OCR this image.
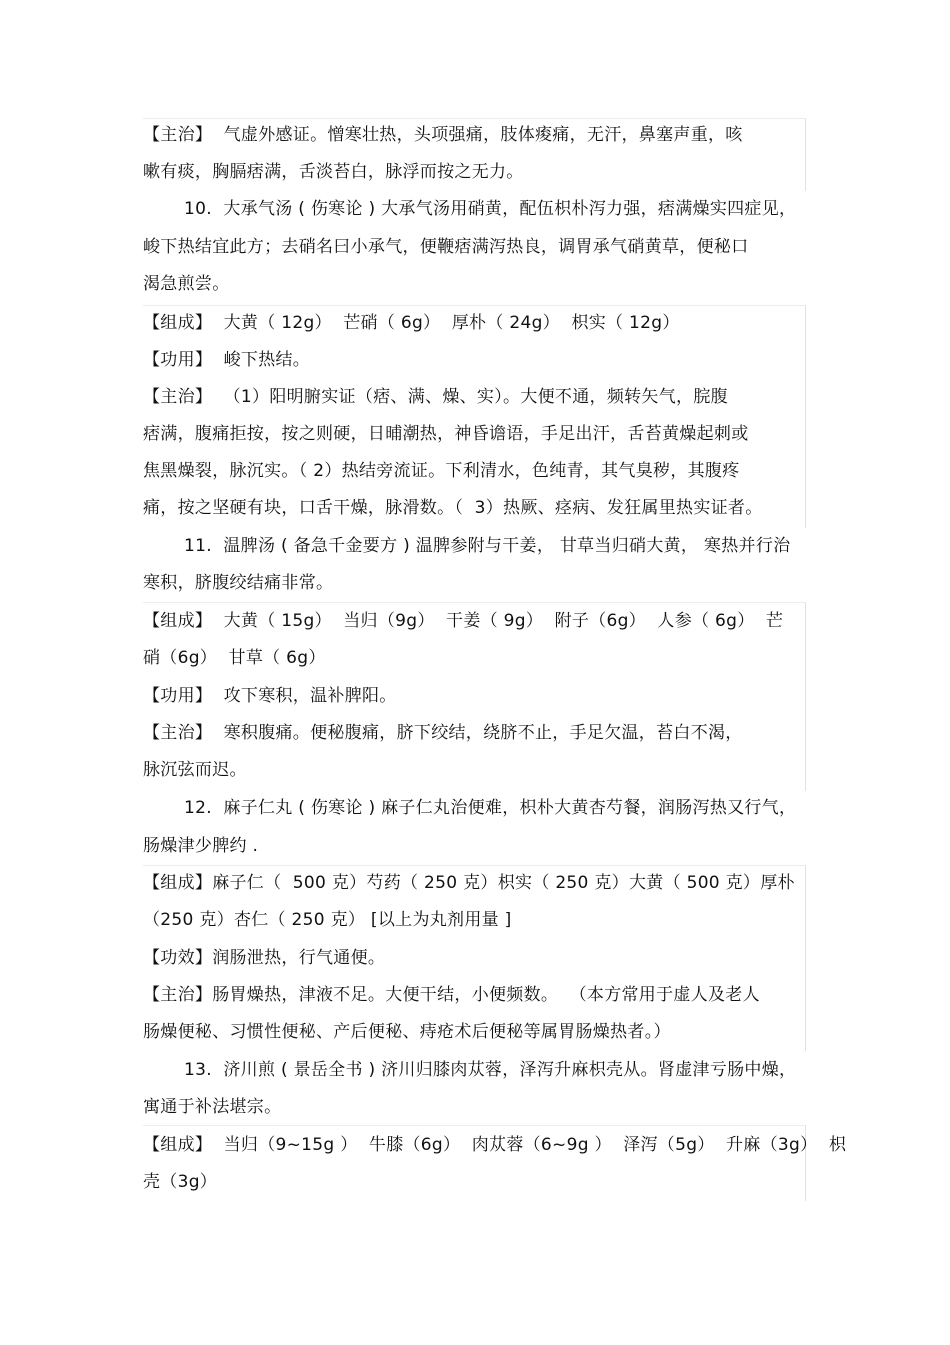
【主治】  气虚外感证。憎寒壮热，头项强痛，肢体痠痛，无汗，鼻塞声重，咳
嗽有痰，胸膈痞满，舌淡苔白，脉浮而按之无力。
10.  大承气汤 ( 伤寒论 ) 大承气汤用硝黄，配伍枳朴泻力强，痞满燥实四症见，
峻下热结宜此方；去硝名曰小承气，便鞭痞满泻热良，调胃承气硝黄草，便秘口
渴急煎尝。
【组成】  大黄（ 12g）  芒硝（ 6g）  厚朴（ 24g）  枳实（ 12g）
【功用】  峻下热结。
【主治】  （1）阳明腑实证（痞、满、燥、实）。大便不通，频转矢气，脘腹
痞满，腹痛拒按，按之则硬，日晡潮热，神昏谵语，手足出汗，舌苔黄燥起刺或
焦黑燥裂，脉沉实。（ 2）热结旁流证。下利清水，色纯青，其气臭秽，其腹疼
痛，按之坚硬有块，口舌干燥，脉滑数。（  3）热厥、痉病、发狂属里热实证者。
11.  温脾汤 ( 备急千金要方 ) 温脾参附与干姜， 甘草当归硝大黄， 寒热并行治
寒积，脐腹绞结痛非常。
【组成】  大黄（ 15g）  当归（9g）  干姜（ 9g）  附子（6g）  人参（ 6g）  芒
硝（6g）  甘草（ 6g）
【功用】  攻下寒积，温补脾阳。
【主治】  寒积腹痛。便秘腹痛，脐下绞结，绕脐不止，手足欠温，苔白不渴，
脉沉弦而迟。
12.  麻子仁丸 ( 伤寒论 ) 麻子仁丸治便难，枳朴大黄杏芍餐，润肠泻热又行气，
肠燥津少脾约 .
【组成】麻子仁（  500 克）芍药（ 250 克）枳实（ 250 克）大黄（ 500 克）厚朴
（250 克）杏仁（ 250 克） [以上为丸剂用量 ]
【功效】润肠泄热，行气通便。
【主治】肠胃燥热，津液不足。大便干结，小便频数。  （本方常用于虚人及老人
肠燥便秘、习惯性便秘、产后便秘、痔疮术后便秘等属胃肠燥热者。）
13.  济川煎 ( 景岳全书 ) 济川归膝肉苁蓉，泽泻升麻枳壳从。肾虚津亏肠中燥，
寓通于补法堪宗。
【组成】  当归（9~15g ）  牛膝（6g）  肉苁蓉（6~9g ）  泽泻（5g）  升麻（3g）  枳
壳（3g）
